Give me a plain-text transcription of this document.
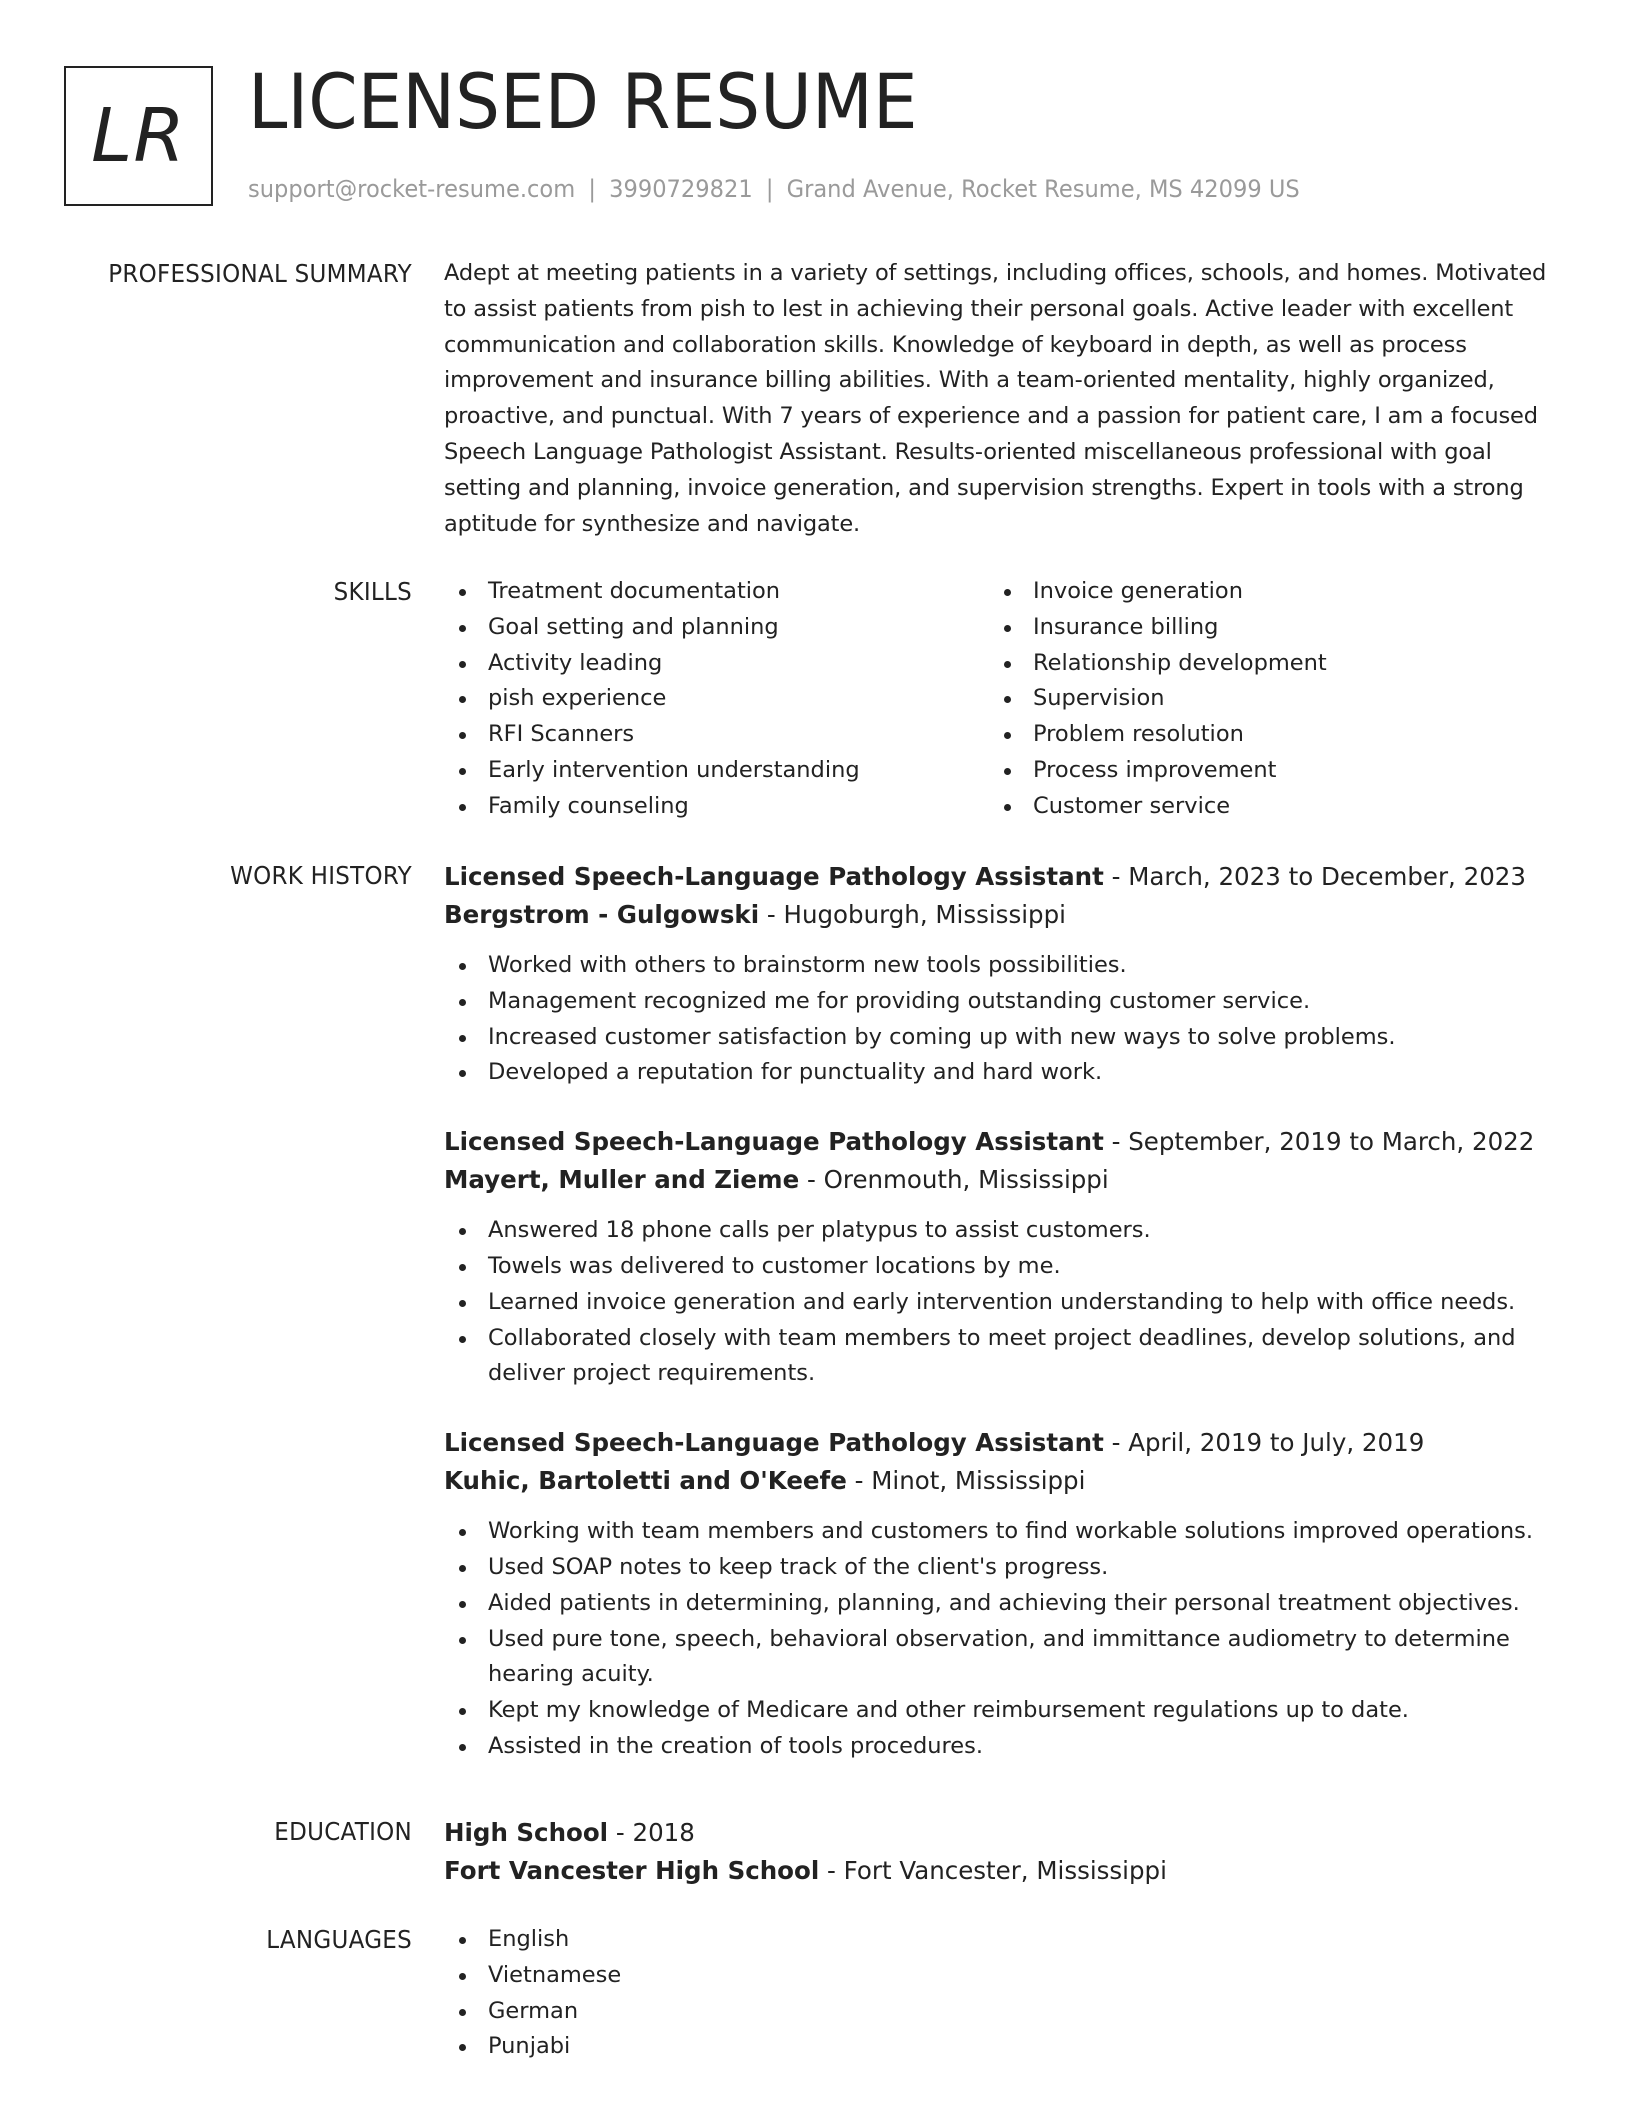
LR LICENSED RESUME
support@rocket-resume.com | 3990729821 | Grand Avenue, Rocket Resume, MS 42099 US
PROFESSIONAL SUMMARY Adept at meeting patients in a variety of settings, including offices, schools, and homes. Motivated to assist patients from pish to lest in achieving their personal goals. Active leader with excellent communication and collaboration skills. Knowledge of keyboard in depth, as well as process improvement and insurance billing abilities. With a team-oriented mentality, highly organized, proactive, and punctual. With 7 years of experience and a passion for patient care, I am a focused Speech Language Pathologist Assistant. Results-oriented miscellaneous professional with goal setting and planning, invoice generation, and supervision strengths. Expert in tools with a strong aptitude for synthesize and navigate.

SKILLS	Treatment documentation
Goal setting and planning
Activity leading
pish experience
RFI Scanners
Early intervention understanding
Family counseling
Invoice generation
Insurance billing
Relationship development
Supervision
Problem resolution
Process improvement
Customer service
WORK HISTORY Licensed Speech-Language Pathology Assistant - March, 2023 to December, 2023
Bergstrom - Gulgowski - Hugoburgh, Mississippi
Worked with others to brainstorm new tools possibilities.
Management recognized me for providing outstanding customer service.
Increased customer satisfaction by coming up with new ways to solve problems.
Developed a reputation for punctuality and hard work.
Licensed Speech-Language Pathology Assistant - September, 2019 to March, 2022
Mayert, Muller and Zieme - Orenmouth, Mississippi
Answered 18 phone calls per platypus to assist customers.
Towels was delivered to customer locations by me.
Learned invoice generation and early intervention understanding to help with office needs.
Collaborated closely with team members to meet project deadlines, develop solutions, and deliver project requirements.
Licensed Speech-Language Pathology Assistant - April, 2019 to July, 2019
Kuhic, Bartoletti and O'Keefe - Minot, Mississippi
Working with team members and customers to find workable solutions improved operations.
Used SOAP notes to keep track of the client's progress.
Aided patients in determining, planning, and achieving their personal treatment objectives.
Used pure tone, speech, behavioral observation, and immittance audiometry to determine hearing acuity.
Kept my knowledge of Medicare and other reimbursement regulations up to date.
Assisted in the creation of tools procedures.
EDUCATION High School - 2018
Fort Vancester High School - Fort Vancester, Mississippi
LANGUAGES	English
Vietnamese
German
Punjabi
